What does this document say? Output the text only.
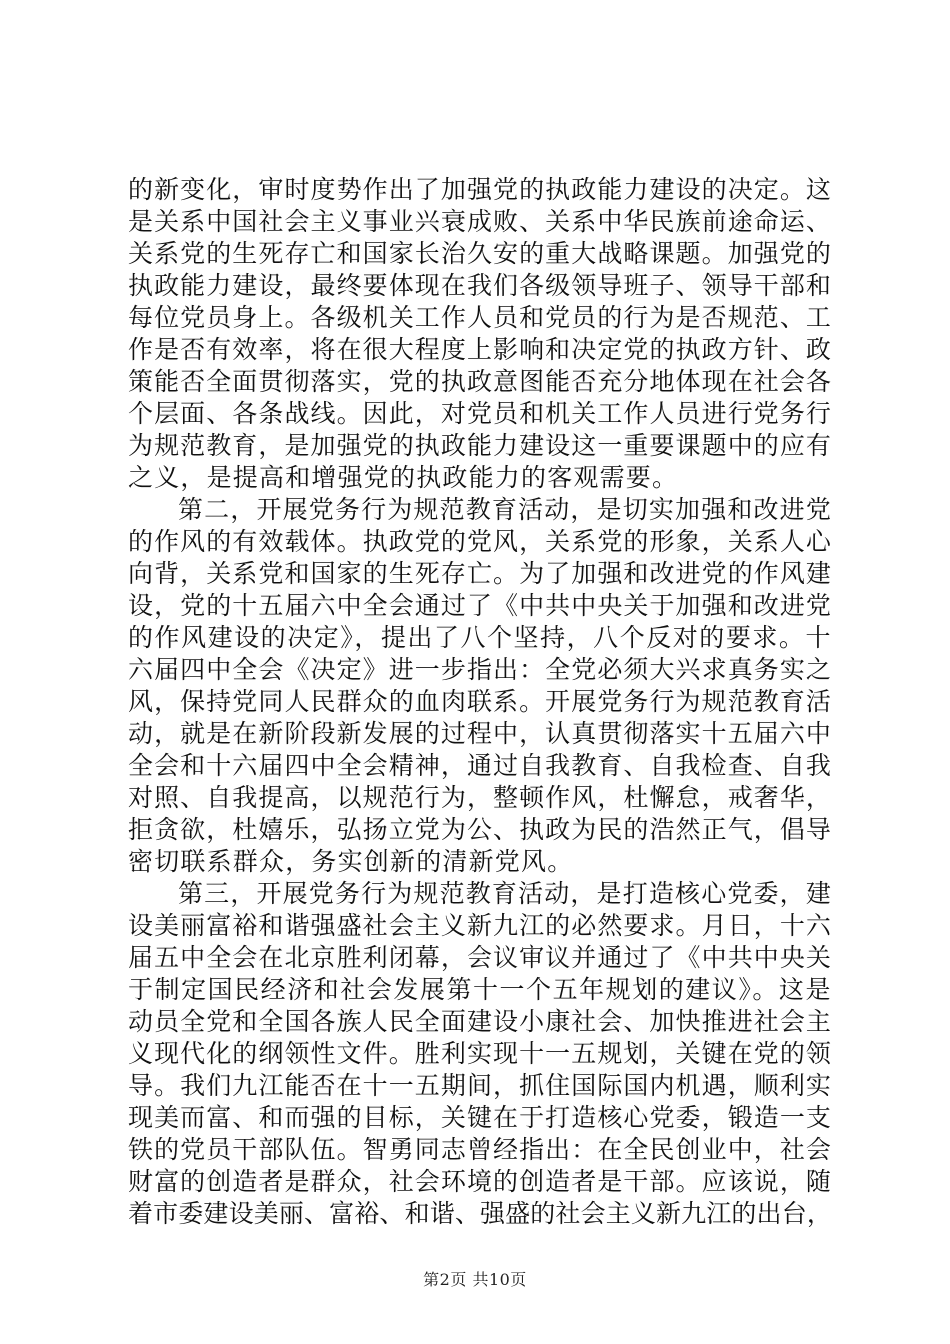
的新变化，审时度势作出了加强党的执政能力建设的决定。这
是关系中国社会主义事业兴衰成败、关系中华民族前途命运、
关系党的生死存亡和国家长治久安的重大战略课题。加强党的
执政能力建设，最终要体现在我们各级领导班子、领导干部和
每位党员身上。各级机关工作人员和党员的行为是否规范、工
作是否有效率，将在很大程度上影响和决定党的执政方针、政
策能否全面贯彻落实，党的执政意图能否充分地体现在社会各
个层面、各条战线。因此，对党员和机关工作人员进行党务行
为规范教育，是加强党的执政能力建设这一重要课题中的应有
之义，是提高和增强党的执政能力的客观需要。
第二，开展党务行为规范教育活动，是切实加强和改进党
的作风的有效载体。执政党的党风，关系党的形象，关系人心
向背，关系党和国家的生死存亡。为了加强和改进党的作风建
设，党的十五届六中全会通过了《中共中央关于加强和改进党
的作风建设的决定》，提出了八个坚持，八个反对的要求。十
六届四中全会《决定》进一步指出：全党必须大兴求真务实之
风，保持党同人民群众的血肉联系。开展党务行为规范教育活
动，就是在新阶段新发展的过程中，认真贯彻落实十五届六中
全会和十六届四中全会精神，通过自我教育、自我检查、自我
对照、自我提高，以规范行为，整顿作风，杜懈怠，戒奢华，
拒贪欲，杜嬉乐，弘扬立党为公、执政为民的浩然正气，倡导
密切联系群众，务实创新的清新党风。
第三，开展党务行为规范教育活动，是打造核心党委，建
设美丽富裕和谐强盛社会主义新九江的必然要求。月日，十六
届五中全会在北京胜利闭幕，会议审议并通过了《中共中央关
于制定国民经济和社会发展第十一个五年规划的建议》。这是
动员全党和全国各族人民全面建设小康社会、加快推进社会主
义现代化的纲领性文件。胜利实现十一五规划，关键在党的领
导。我们九江能否在十一五期间，抓住国际国内机遇，顺利实
现美而富、和而强的目标，关键在于打造核心党委，锻造一支
铁的党员干部队伍。智勇同志曾经指出：在全民创业中，社会
财富的创造者是群众，社会环境的创造者是干部。应该说，随
着市委建设美丽、富裕、和谐、强盛的社会主义新九江的出台，
第2页 共10页
